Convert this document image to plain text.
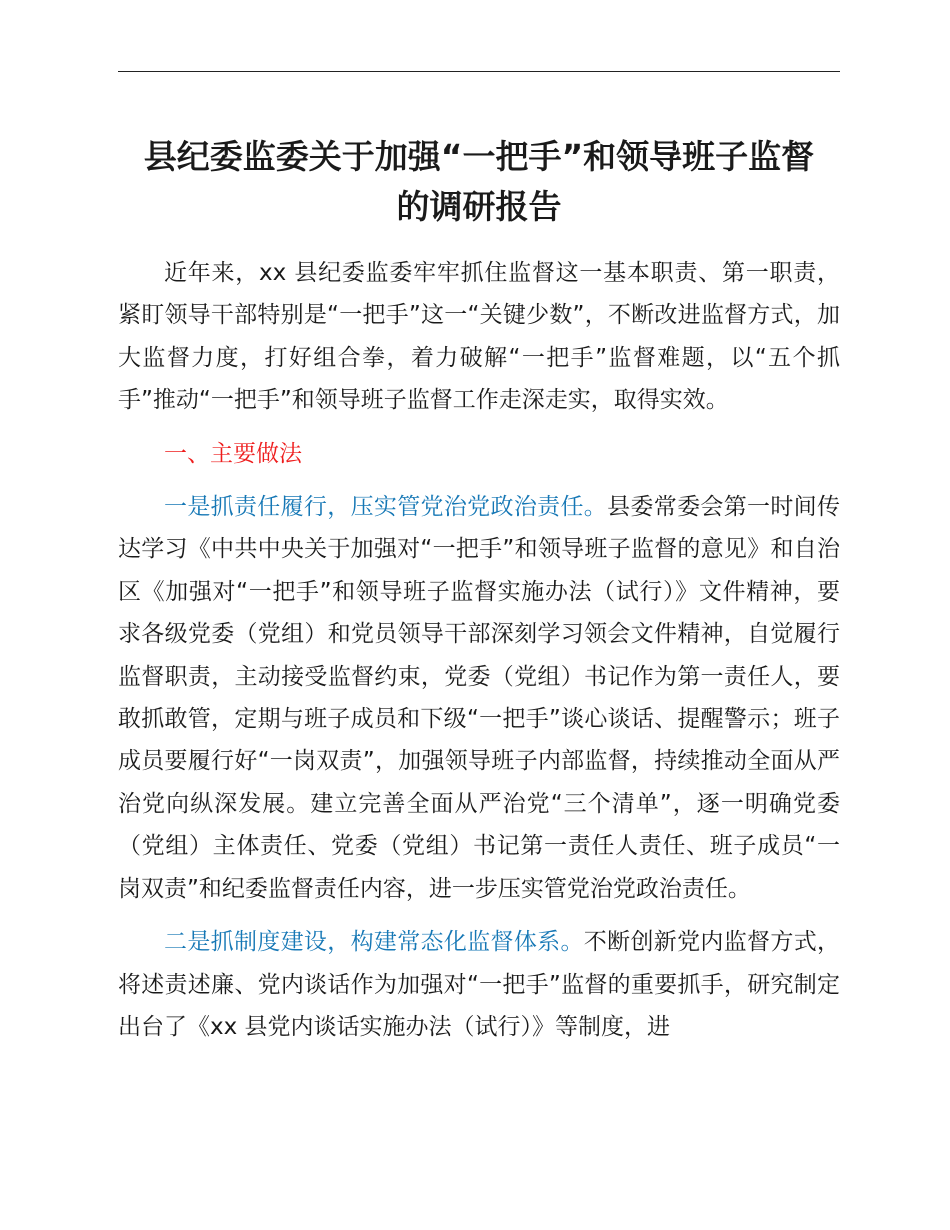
县纪委监委关于加强“一把手”和领导班子监督
的调研报告

近年来，xx 县纪委监委牢牢抓住监督这一基本职责、第一职责，紧盯领导干部特别是“一把手”这一“关键少数”，不断改进监督方式，加大监督力度，打好组合拳，着力破解“一把手”监督难题，以“五个抓手”推动“一把手”和领导班子监督工作走深走实，取得实效。

一、主要做法

一是抓责任履行，压实管党治党政治责任。县委常委会第一时间传达学习《中共中央关于加强对“一把手”和领导班子监督的意见》和自治区《加强对“一把手”和领导班子监督实施办法（试行）》文件精神，要求各级党委（党组）和党员领导干部深刻学习领会文件精神，自觉履行监督职责，主动接受监督约束，党委（党组）书记作为第一责任人，要敢抓敢管，定期与班子成员和下级“一把手”谈心谈话、提醒警示；班子成员要履行好“一岗双责”，加强领导班子内部监督，持续推动全面从严治党向纵深发展。建立完善全面从严治党“三个清单”，逐一明确党委（党组）主体责任、党委（党组）书记第一责任人责任、班子成员“一岗双责”和纪委监督责任内容，进一步压实管党治党政治责任。

二是抓制度建设，构建常态化监督体系。不断创新党内监督方式，将述责述廉、党内谈话作为加强对“一把手”监督的重要抓手，研究制定出台了《xx 县党内谈话实施办法（试行）》等制度，进
